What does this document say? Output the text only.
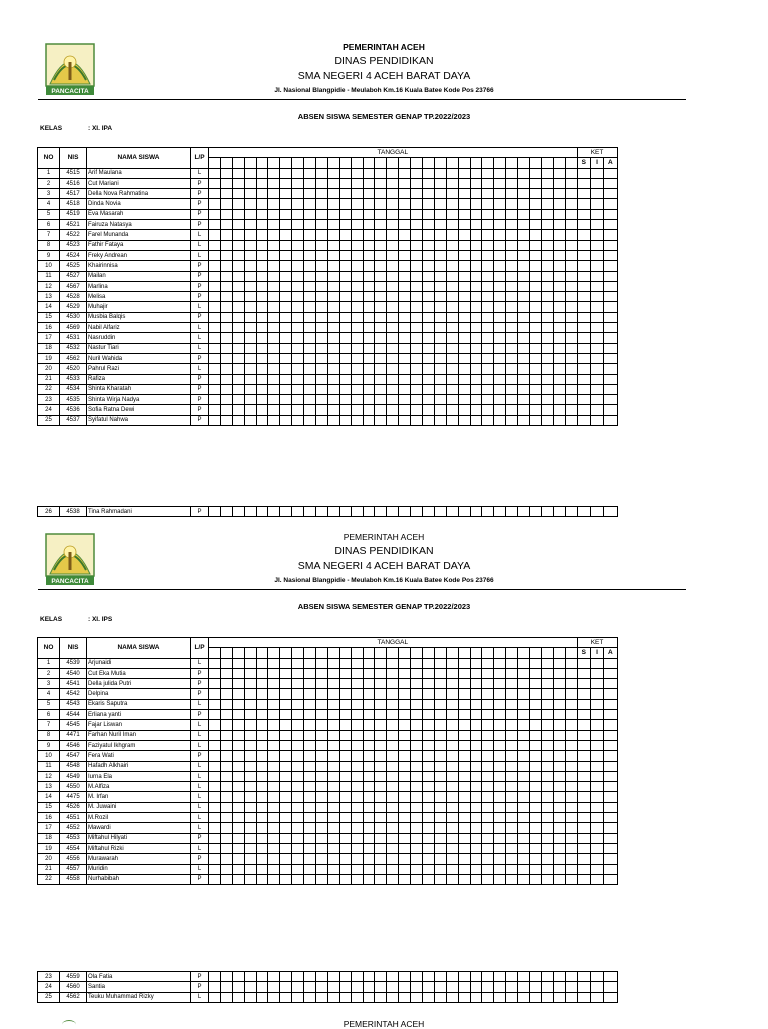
PANCACITA
PEMERINTAH ACEH
DINAS PENDIDIKAN
SMA NEGERI 4 ACEH BARAT DAYA
Jl. Nasional Blangpidie - Meulaboh Km.16 Kuala Batee Kode Pos 23766
ABSEN SISWA SEMESTER GENAP TP.2022/2023
KELAS	: XI. IPA
NO	NIS	NAMA SISWA	L/P	TANGGAL																															KET		
																																			S	I	A
1	4515	Arif Maulana	L																																		
2	4516	Cut Mariani	P																																		
3	4517	Della Nova Rahmatina	P																																		
4	4518	Dinda Novia	P																																		
5	4519	Eva Masarah	P																																		
6	4521	Fairuza Natasya	P																																		
7	4522	Farel Munanda	L																																		
8	4523	Fathir Fataya	L																																		
9	4524	Freky Andrean	L																																		
10	4525	Khairinnisa	P																																		
11	4527	Mailan	P																																		
12	4567	Marlina	P																																		
13	4528	Melisa	P																																		
14	4529	Muhajir	L																																		
15	4530	Musbia Balqis	P																																		
16	4569	Nabil Alfariz	L																																		
17	4531	Nasruddin	L																																		
18	4532	Nastur Tiari	L																																		
19	4562	Nuril Wahida	P																																		
20	4520	Pahrul Razi	L																																		
21	4533	Rafiza	P																																		
22	4534	Shinta Kharatah	P																																		
23	4535	Shinta Wirja Nadya	P																																		
24	4536	Sofia Ratna Dewi	P																																		
25	4537	Syifatul Nahwa	P																																		
26	4538	Tina Rahmadani	P																																		
PANCACITA
PEMERINTAH ACEH
DINAS PENDIDIKAN
SMA NEGERI 4 ACEH BARAT DAYA
Jl. Nasional Blangpidie - Meulaboh Km.16 Kuala Batee Kode Pos 23766
ABSEN SISWA SEMESTER GENAP TP.2022/2023
KELAS	: XI. IPS
NO	NIS	NAMA SISWA	L/P	TANGGAL																															KET		
																																			S	I	A
1	4539	Arjunaidi	L																																		
2	4540	Cut Eka Mutia	P																																		
3	4541	Della julida Putri	P																																		
4	4542	Delpina	P																																		
5	4543	Ekaris Saputra	L																																		
6	4544	Erliana yanti	P																																		
7	4545	Fajar Liswan	L																																		
8	4471	Farhan Nuril Iman	L																																		
9	4546	Faziyatul Ikhgram	L																																		
10	4547	Fera Wati	P																																		
11	4548	Hafadh Alkhairi	L																																		
12	4549	Iurna Ela	L																																		
13	4550	M.Alfiza	L																																		
14	4475	M. Irfan	L																																		
15	4526	M. Juwaini	L																																		
16	4551	M.Rozil	L																																		
17	4552	Mawardi	L																																		
18	4553	Miftahul Hilyati	P																																		
19	4554	Miftahul Rizki	L																																		
20	4556	Murawarah	P																																		
21	4557	Muridin	L																																		
22	4558	Nurhabibah	P																																		
23	4559	Ola Fatia	P																																		
24	4560	Santia	P																																		
25	4562	Teuku Muhammad Rizky	L																																		
PEMERINTAH ACEH
